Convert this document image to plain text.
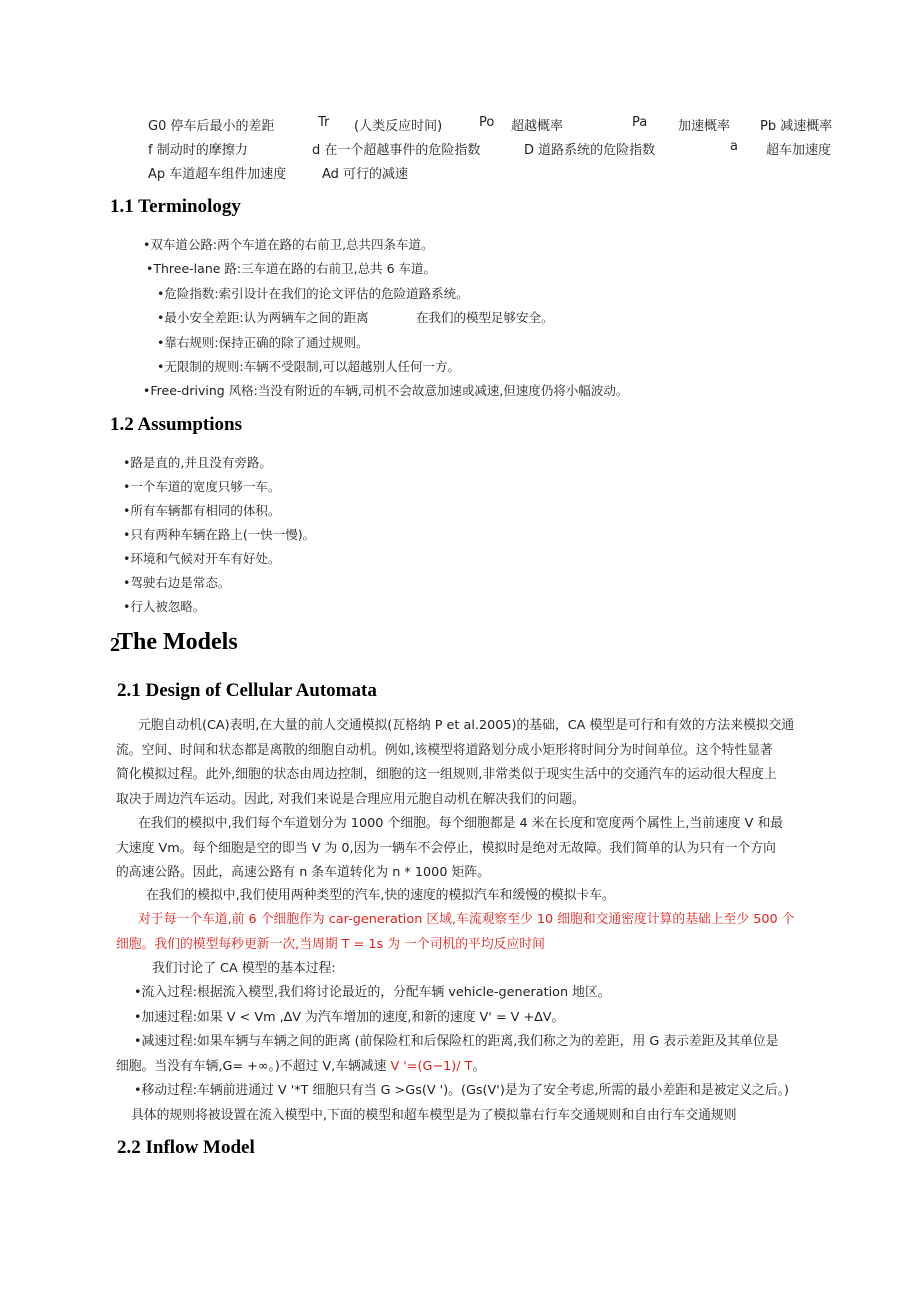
G0 停车后最小的差距	Tr (人类反应时间)	Po 超越概率	Pa 加速概率 Pb 减速概率
f 制动时的摩擦力	d 在一个超越事件的危险指数	D 道路系统的危险指数	a 超车加速度
Ap 车道超车组件加速度	Ad 可行的减速
1.1 Terminology
•双车道公路:两个车道在路的右前卫,总共四条车道。
•Three-lane 路:三车道在路的右前卫,总共 6 车道。
•危险指数:索引设计在我们的论文评估的危险道路系统。
•最小安全差距:认为两辆车之间的距离	在我们的模型足够安全。
•靠右规则:保持正确的除了通过规则。
•无限制的规则:车辆不受限制,可以超越别人任何一方。
•Free-driving 风格:当没有附近的车辆,司机不会故意加速或减速,但速度仍将小幅波动。
1.2 Assumptions
•路是直的,并且没有旁路。
•一个车道的宽度只够一车。
•所有车辆都有相同的体积。
•只有两种车辆在路上(一快一慢)。
•环境和气候对开车有好处。
•驾驶右边是常态。
•行人被忽略。
2
The Models
2.1 Design of Cellular Automata
元胞自动机(CA)表明,在大量的前人交通模拟(瓦格纳 P et al.2005)的基础，CA 模型是可行和有效的方法来模拟交通
流。空间、时间和状态都是离散的细胞自动机。例如,该模型将道路划分成小矩形将时间分为时间单位。这个特性显著
简化模拟过程。此外,细胞的状态由周边控制，细胞的这一组规则,非常类似于现实生活中的交通汽车的运动很大程度上
取决于周边汽车运动。因此, 对我们来说是合理应用元胞自动机在解决我们的问题。
在我们的模拟中,我们每个车道划分为 1000 个细胞。每个细胞都是 4 米在长度和宽度两个属性上,当前速度 V 和最
大速度 Vm。每个细胞是空的即当 V 为 0,因为一辆车不会停止，模拟时是绝对无故障。我们简单的认为只有一个方向
的高速公路。因此，高速公路有 n 条车道转化为 n * 1000 矩阵。
在我们的模拟中,我们使用两种类型的汽车,快的速度的模拟汽车和缓慢的模拟卡车。
对于每一个车道,前 6 个细胞作为 car-generation 区域,车流观察至少 10 细胞和交通密度计算的基础上至少 500 个
细胞。我们的模型每秒更新一次,当周期 T = 1s 为 一个司机的平均反应时间
我们讨论了 CA 模型的基本过程:
•流入过程:根据流入模型,我们将讨论最近的，分配车辆 vehicle-generation 地区。
•加速过程:如果 V < Vm ,∆V 为汽车增加的速度,和新的速度 V' = V +∆V。
•减速过程:如果车辆与车辆之间的距离 (前保险杠和后保险杠的距离,我们称之为的差距，用 G 表示差距及其单位是
细胞。当没有车辆,G= +∞。)不超过 V,车辆减速 V '=(G−1)/ T。
•移动过程:车辆前进通过 V '*T 细胞只有当 G >Gs(V ')。(Gs(V')是为了安全考虑,所需的最小差距和是被定义之后。)
具体的规则将被设置在流入模型中,下面的模型和超车模型是为了模拟靠右行车交通规则和自由行车交通规则
2.2 Inflow Model
